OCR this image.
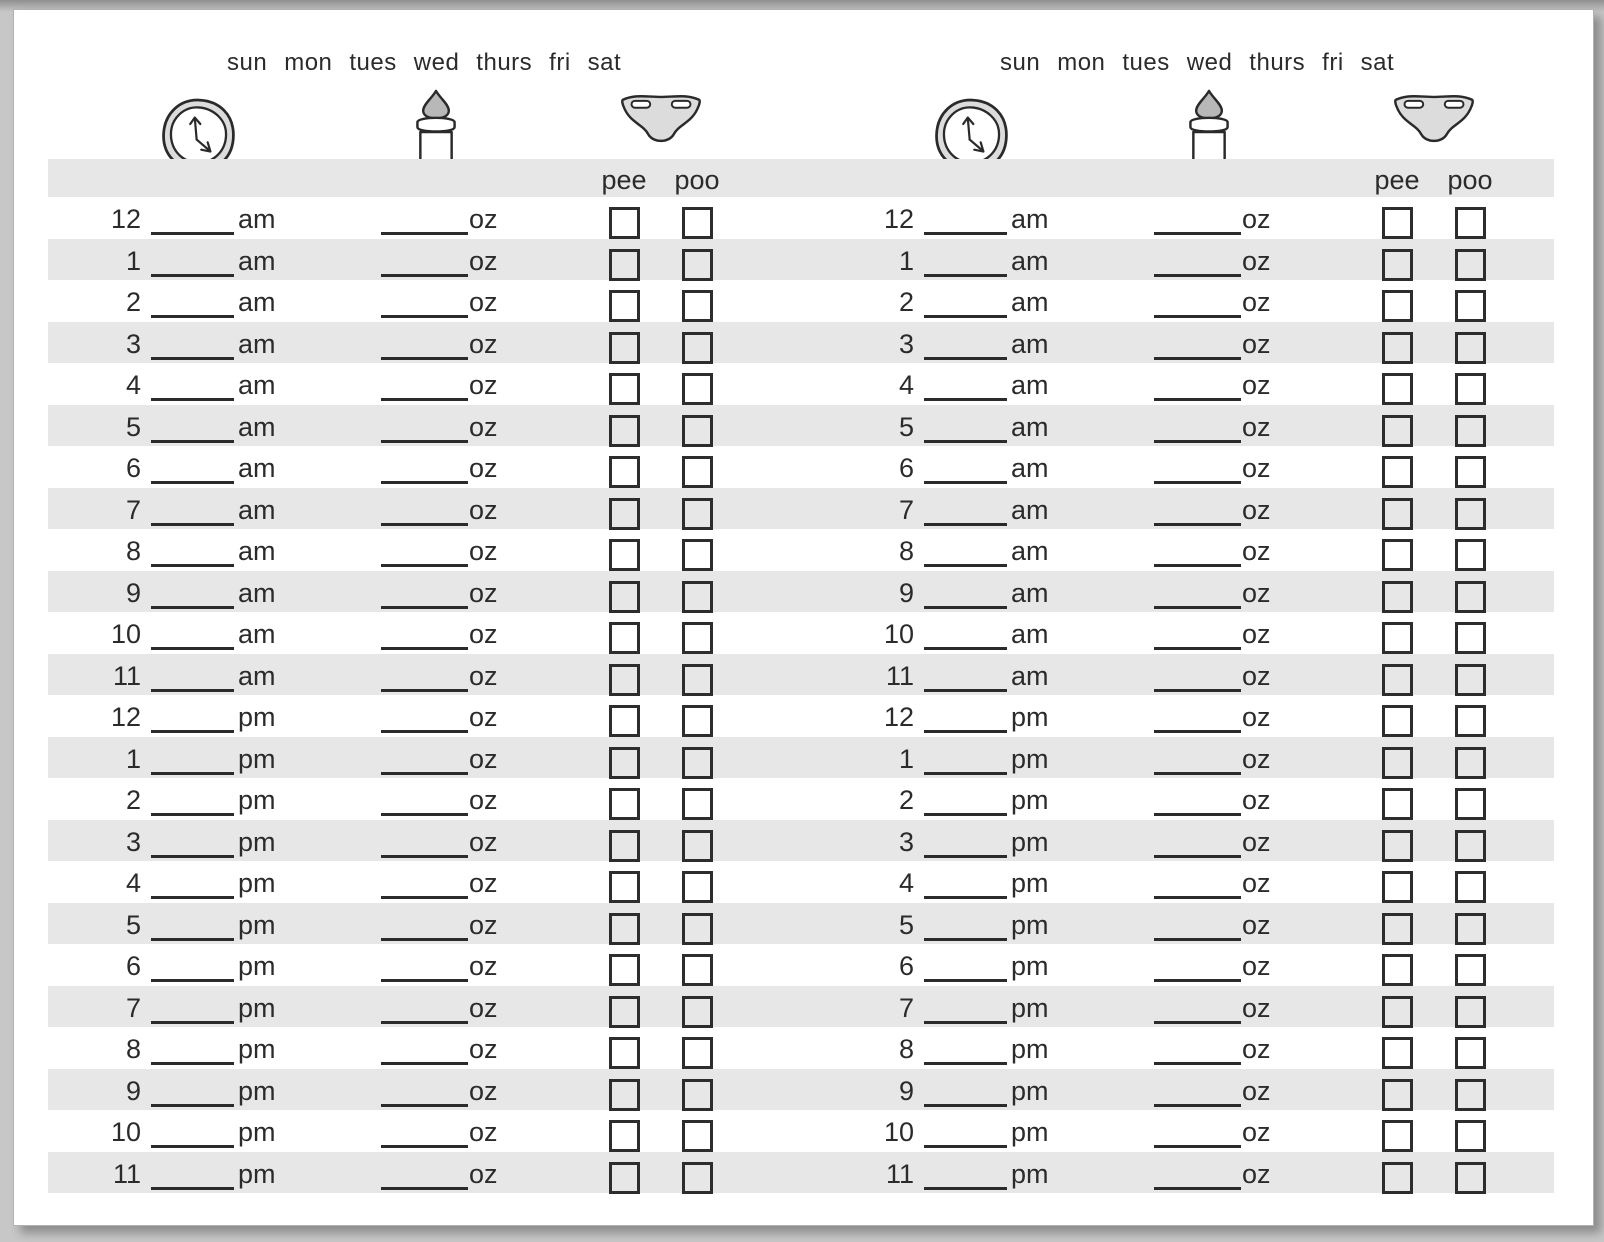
sun mon tues wed thurs fri sat	sun mon tues wed thurs fri sat
pee	poo	pee	poo
12	am	oz	12	am	oz
1	am	oz	1	am	oz
2	am	oz	2	am	oz
3	am	oz	3	am	oz
4	am	oz	4	am	oz
5	am	oz	5	am	oz
6	am	oz	6	am	oz
7	am	oz	7	am	oz
8	am	oz	8	am	oz
9	am	oz	9	am	oz
10	am	oz	10	am	oz
11	am	oz	11	am	oz
12	pm	oz	12	pm	oz
1	pm	oz	1	pm	oz
2	pm	oz	2	pm	oz
3	pm	oz	3	pm	oz
4	pm	oz	4	pm	oz
5	pm	oz	5	pm	oz
6	pm	oz	6	pm	oz
7	pm	oz	7	pm	oz
8	pm	oz	8	pm	oz
9	pm	oz	9	pm	oz
10	pm	oz	10	pm	oz
11	pm	oz	11	pm	oz
